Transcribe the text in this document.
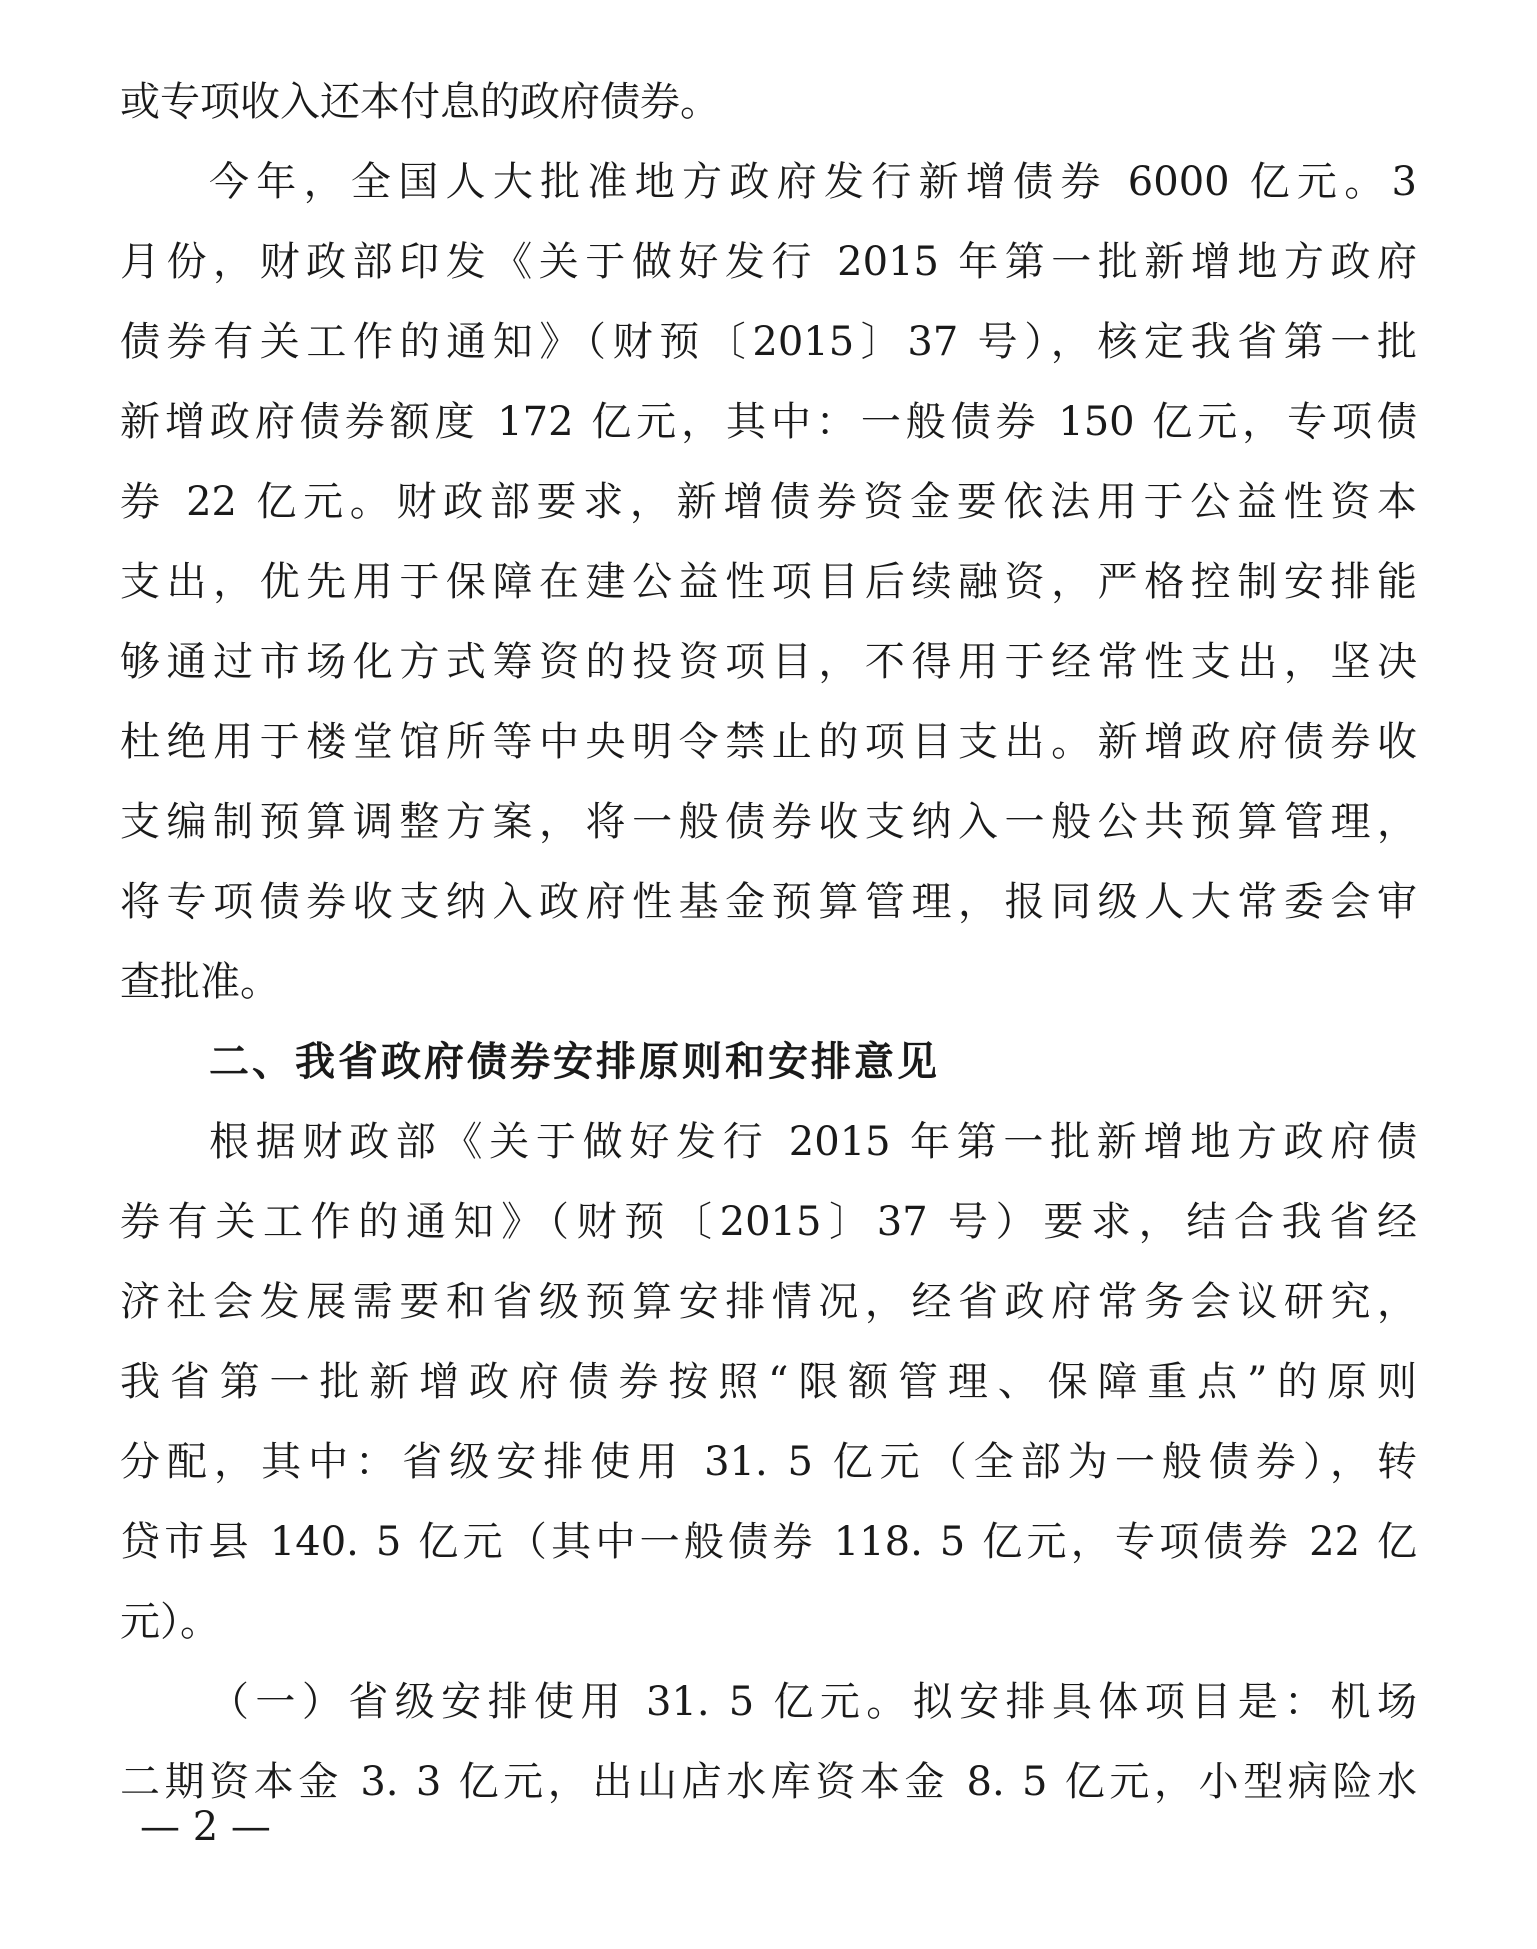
或专项收入还本付息的政府债券。
今年，全国人大批准地方政府发行新增债券 6000 亿元。3
月份，财政部印发《关于做好发行 2015 年第一批新增地方政府
债券有关工作的通知》（财预〔2015〕37 号），核定我省第一批
新增政府债券额度 172 亿元，其中：一般债券 150 亿元，专项债
券 22 亿元。财政部要求，新增债券资金要依法用于公益性资本
支出，优先用于保障在建公益性项目后续融资，严格控制安排能
够通过市场化方式筹资的投资项目，不得用于经常性支出，坚决
杜绝用于楼堂馆所等中央明令禁止的项目支出。新增政府债券收
支编制预算调整方案，将一般债券收支纳入一般公共预算管理，
将专项债券收支纳入政府性基金预算管理，报同级人大常委会审
查批准。
二、我省政府债券安排原则和安排意见
根据财政部《关于做好发行 2015 年第一批新增地方政府债
券有关工作的通知》（财预〔2015〕37 号）要求，结合我省经
济社会发展需要和省级预算安排情况，经省政府常务会议研究，
我省第一批新增政府债券按照“限额管理、保障重点”的原则
分配，其中：省级安排使用 31. 5 亿元（全部为一般债券），转
贷市县 140. 5 亿元（其中一般债券 118. 5 亿元，专项债券 22 亿
元）。
（一）省级安排使用 31. 5 亿元。拟安排具体项目是：机场
二期资本金 3. 3 亿元，出山店水库资本金 8. 5 亿元，小型病险水
— 2 —
